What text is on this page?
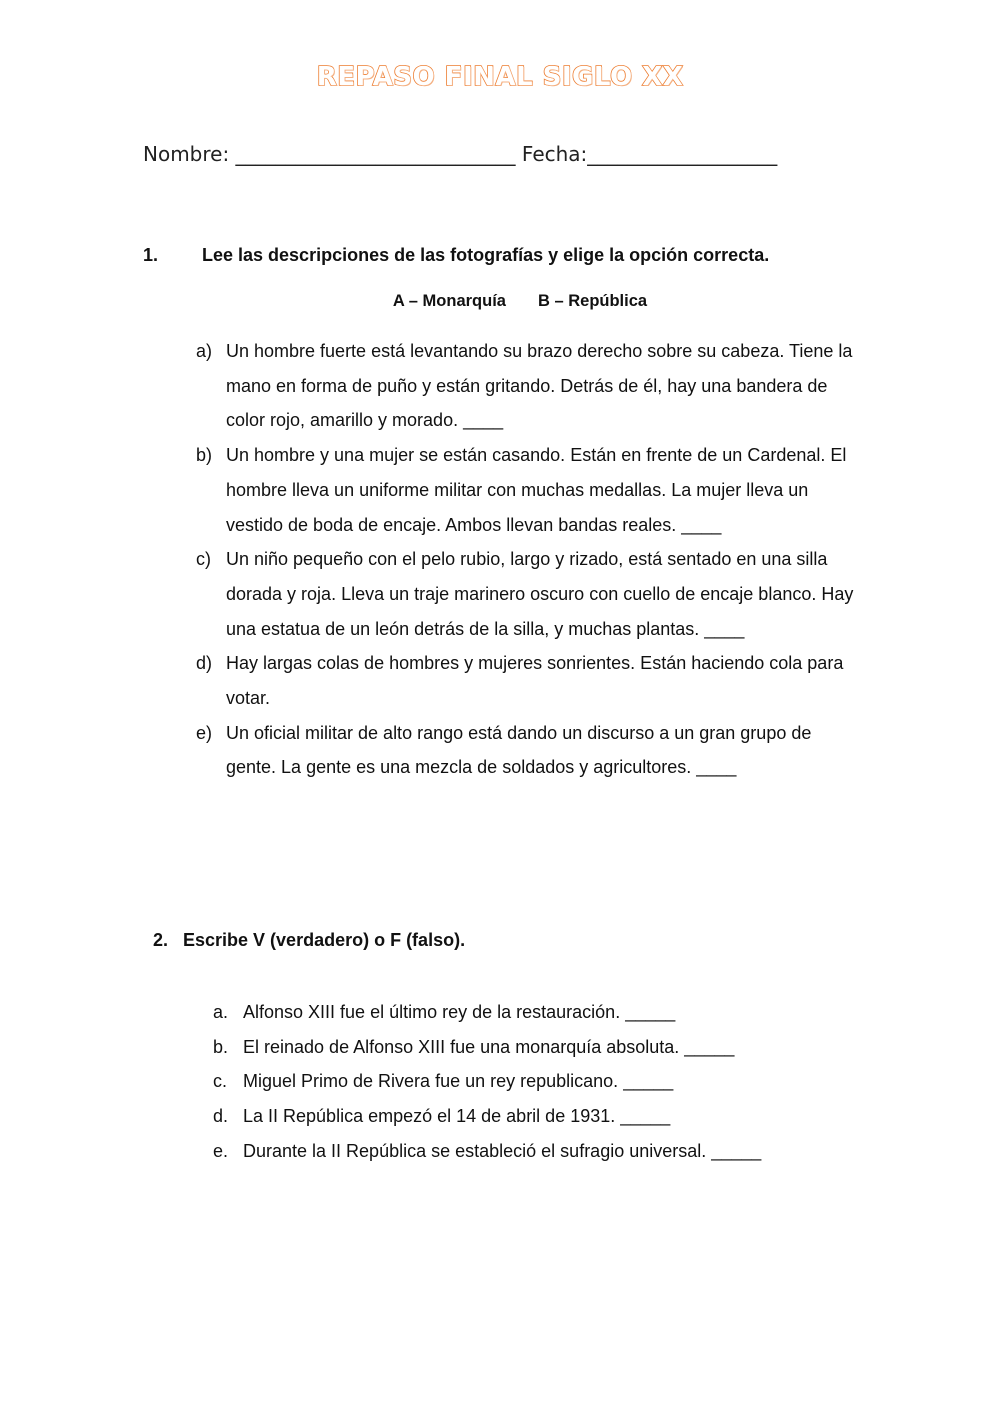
REPASO FINAL SIGLO XX
Nombre: ____________________________ Fecha:___________________
1. Lee las descripciones de las fotografías y elige la opción correcta.
A – Monarquía B – República
a) Un hombre fuerte está levantando su brazo derecho sobre su cabeza. Tiene la mano en forma de puño y están gritando. Detrás de él, hay una bandera de color rojo, amarillo y morado. ____
b) Un hombre y una mujer se están casando. Están en frente de un Cardenal. El hombre lleva un uniforme militar con muchas medallas. La mujer lleva un vestido de boda de encaje. Ambos llevan bandas reales. ____
c) Un niño pequeño con el pelo rubio, largo y rizado, está sentado en una silla dorada y roja. Lleva un traje marinero oscuro con cuello de encaje blanco. Hay una estatua de un león detrás de la silla, y muchas plantas. ____
d) Hay largas colas de hombres y mujeres sonrientes. Están haciendo cola para votar.
e) Un oficial militar de alto rango está dando un discurso a un gran grupo de gente. La gente es una mezcla de soldados y agricultores. ____
2. Escribe V (verdadero) o F (falso).
a. Alfonso XIII fue el último rey de la restauración. _____
b. El reinado de Alfonso XIII fue una monarquía absoluta. _____
c. Miguel Primo de Rivera fue un rey republicano. _____
d. La II República empezó el 14 de abril de 1931. _____
e. Durante la II República se estableció el sufragio universal. _____
